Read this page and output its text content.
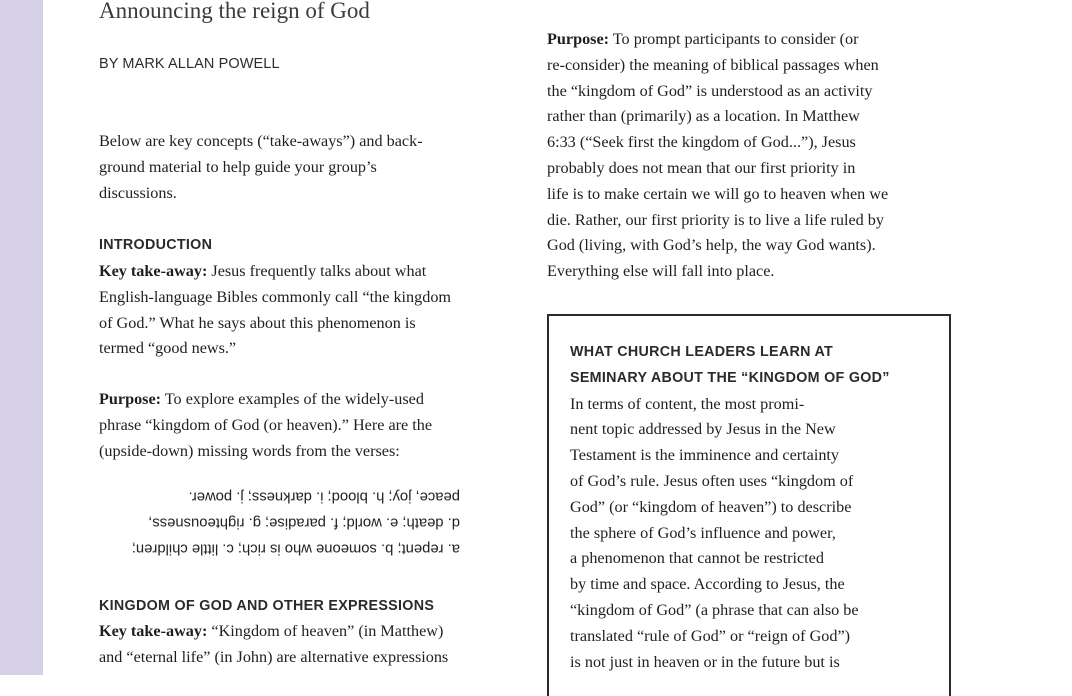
Announcing the reign of God
BY MARK ALLAN POWELL
Below are key concepts (“take-aways”) and back-
ground material to help guide your group’s
discussions.
INTRODUCTION
Key take-away: Jesus frequently talks about what
English-language Bibles commonly call “the kingdom
of God.” What he says about this phenomenon is
termed “good news.”
Purpose: To explore examples of the widely-used
phrase “kingdom of God (or heaven).” Here are the
(upside-down) missing words from the verses:
KINGDOM OF GOD AND OTHER EXPRESSIONS
Key take-away: “Kingdom of heaven” (in Matthew)
and “eternal life” (in John) are alternative expressions
a. repent; b. someone who is rich; c. little children;
d. death; e. world; f. paradise; g. righteousness,
peace, joy; h. blood; i. darkness; j. power.
Purpose: To prompt participants to consider (or
re-consider) the meaning of biblical passages when
the “kingdom of God” is understood as an activity
rather than (primarily) as a location. In Matthew
6:33 (“Seek first the kingdom of God...”), Jesus
probably does not mean that our first priority in
life is to make certain we will go to heaven when we
die. Rather, our first priority is to live a life ruled by
God (living, with God’s help, the way God wants).
Everything else will fall into place.
WHAT CHURCH LEADERS LEARN AT
SEMINARY ABOUT THE “KINGDOM OF GOD”
In terms of content, the most promi-
nent topic addressed by Jesus in the New
Testament is the imminence and certainty
of God’s rule. Jesus often uses “kingdom of
God” (or “kingdom of heaven”) to describe
the sphere of God’s influence and power,
a phenomenon that cannot be restricted
by time and space. According to Jesus, the
“kingdom of God” (a phrase that can also be
translated “rule of God” or “reign of God”)
is not just in heaven or in the future but is
